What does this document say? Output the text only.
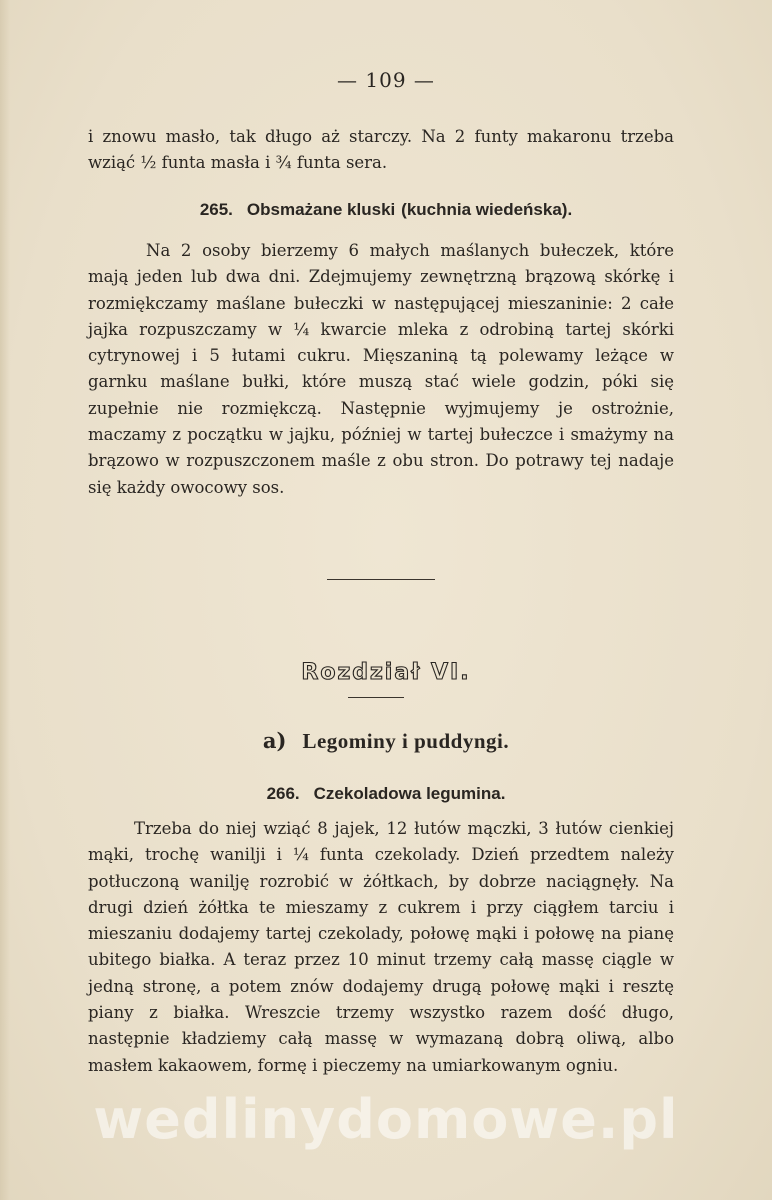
— 109 —

i znowu masło, tak długo aż starczy. Na 2 funty makaronu trzeba wziąć ½ funta masła i ¾ funta sera.

265. Obsmażane kluski (kuchnia wiedeńska).

Na 2 osoby bierzemy 6 małych maślanych bułeczek, które mają jeden lub dwa dni. Zdejmujemy zewnętrzną brązową skórkę i rozmiękczamy maślane bułeczki w następującej mieszaninie: 2 całe jajka rozpuszczamy w ¼ kwarcie mleka z odrobiną tartej skórki cytrynowej i 5 łutami cukru. Mięszaniną tą polewamy leżące w garnku maślane bułki, które muszą stać wiele godzin, póki się zupełnie nie rozmiękczą. Następnie wyjmujemy je ostrożnie, maczamy z początku w jajku, później w tartej bułeczce i smażymy na brązowo w rozpuszczonem maśle z obu stron. Do potrawy tej nadaje się każdy owocowy sos.

Rozdział VI.
a) Legominy i puddyngi.
266. Czekoladowa legumina.

Trzeba do niej wziąć 8 jajek, 12 łutów mączki, 3 łutów cienkiej mąki, trochę wanilji i ¼ funta czekolady. Dzień przedtem należy potłuczoną wanilję rozrobić w żółtkach, by dobrze naciągnęły. Na drugi dzień żółtka te mieszamy z cukrem i przy ciągłem tarciu i mieszaniu dodajemy tartej czekolady, połowę mąki i połowę na pianę ubitego białka. A teraz przez 10 minut trzemy całą massę ciągle w jedną stronę, a potem znów dodajemy drugą połowę mąki i resztę piany z białka. Wreszcie trzemy wszystko razem dość długo, następnie kładziemy całą massę w wymazaną dobrą oliwą, albo masłem kakaowem, formę i pieczemy na umiarkowanym ogniu.

wedlinydomowe.pl
